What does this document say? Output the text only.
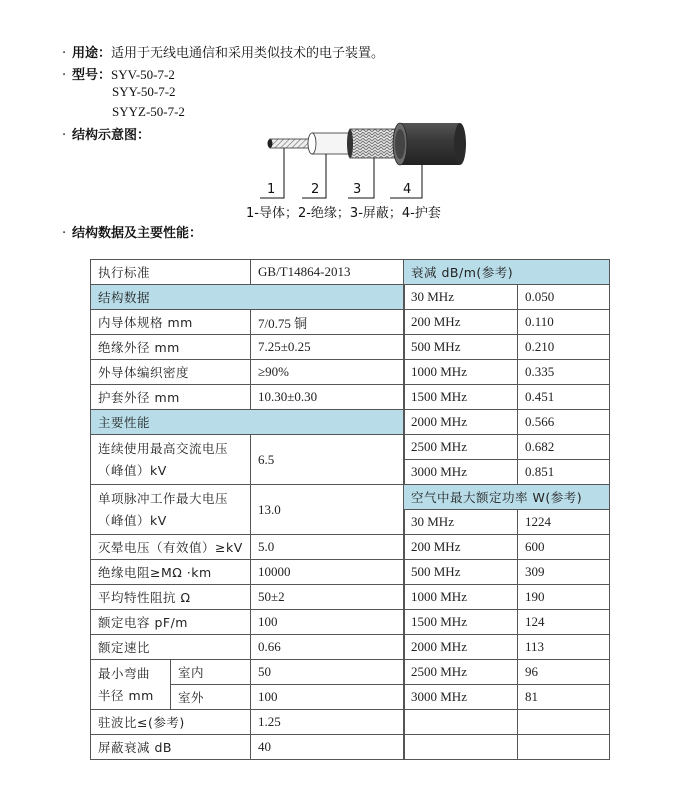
· 用途：适用于无线电通信和采用类似技术的电子装置。
· 型号：SYV-50-7-2
SYY-50-7-2
SYYZ-50-7-2
· 结构示意图：
1	2	3	4
1-导体；2-绝缘；3-屏蔽；4-护套
· 结构数据及主要性能：
执行标准		GB/T14864-2013
结构数据		
内导体规格 mm		7/0.75 铜
绝缘外径 mm		7.25±0.25
外导体编织密度		≥90%
护套外径 mm		10.30±0.30
主要性能		

连续使用最高交流电压
（峰值）kV		6.5

单项脉冲工作最大电压
（峰值）kV		13.0
灭晕电压（有效值）≥kV		5.0
绝缘电阻≥MΩ ·km		10000
平均特性阻抗 Ω		50±2
额定电容 pF/m		100
额定速比		0.66

最小弯曲
半径 mm	室内	50
	室外	100
驻波比≤(参考)		1.25
屏蔽衰减 dB		40
衰减 dB/m(参考)	
30 MHz	0.050
200 MHz	0.110
500 MHz	0.210
1000 MHz	0.335
1500 MHz	0.451
2000 MHz	0.566
2500 MHz	0.682
3000 MHz	0.851
空气中最大额定功率 W(参考)	
30 MHz	1224
200 MHz	600
500 MHz	309
1000 MHz	190
1500 MHz	124
2000 MHz	113
2500 MHz	96
3000 MHz	81
